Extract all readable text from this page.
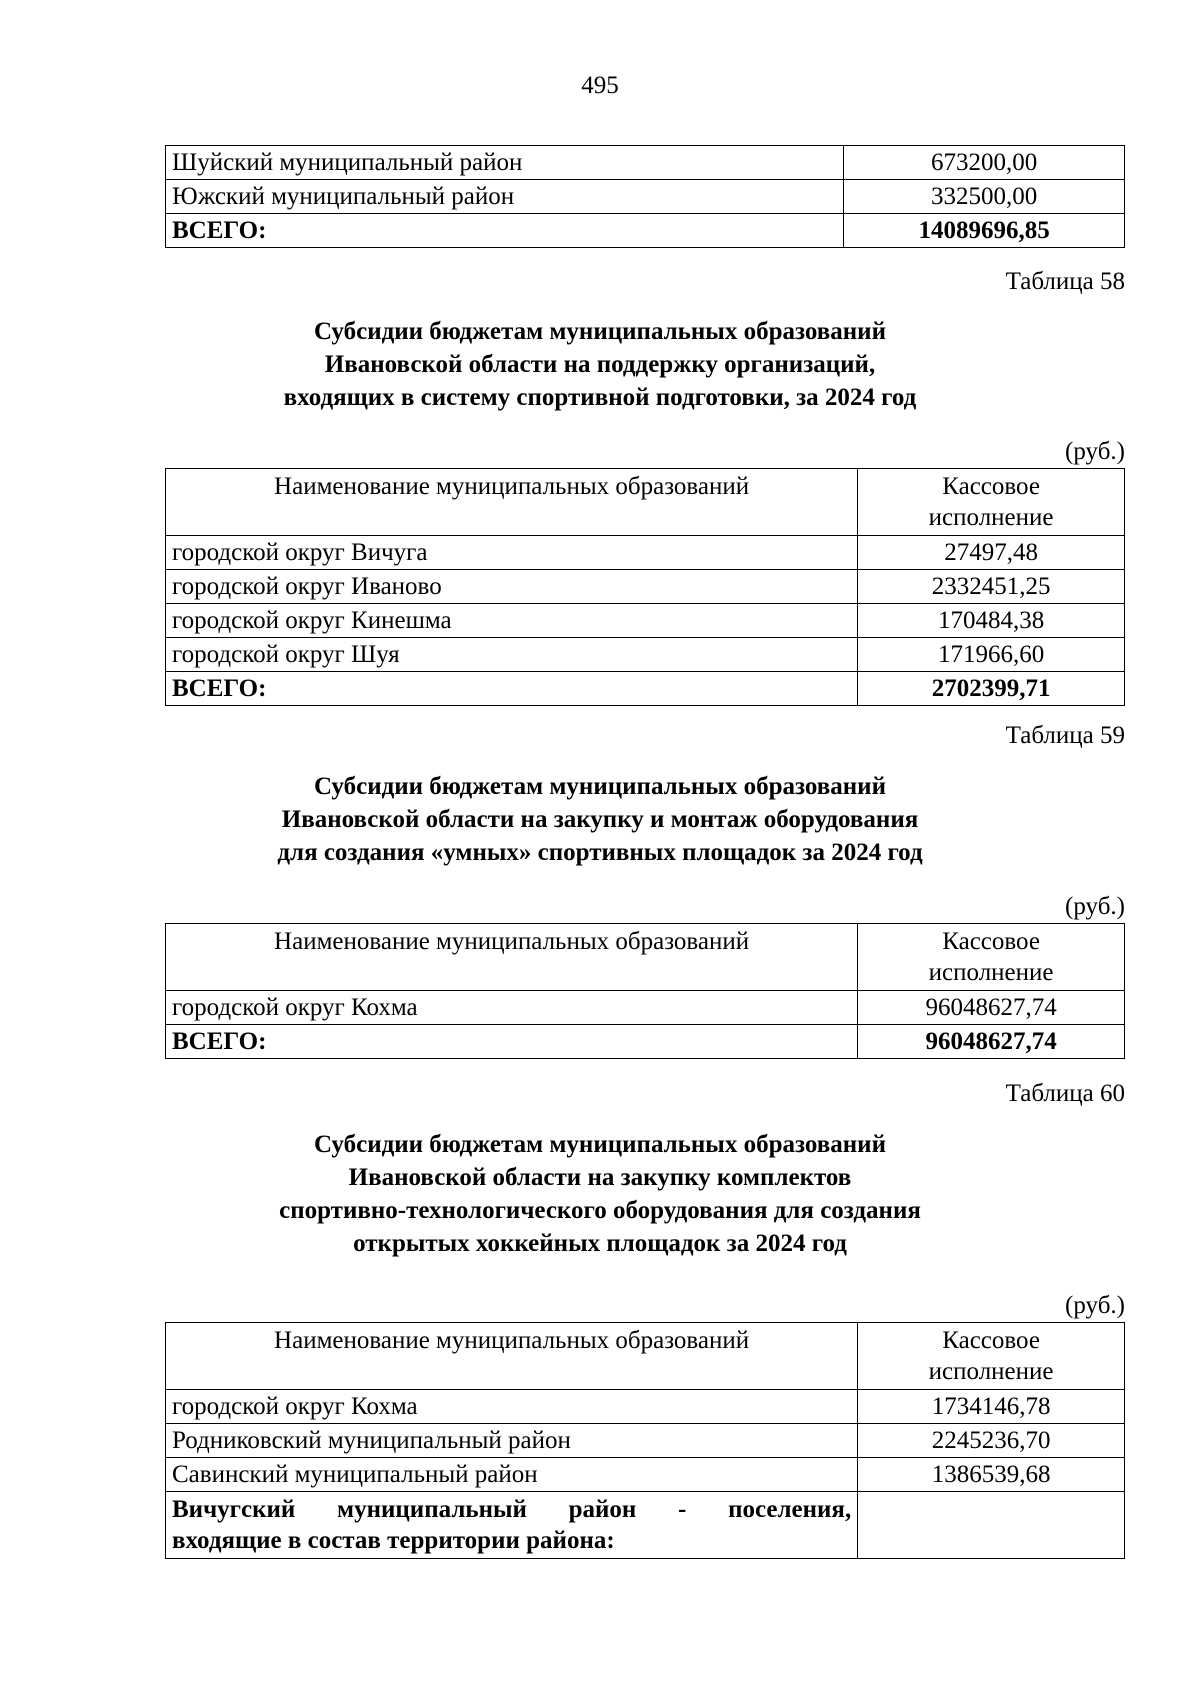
495
Шуйский муниципальный район	673200,00
Южский муниципальный район	332500,00
ВСЕГО:	14089696,85
Таблица 58
Субсидии бюджетам муниципальных образований
Ивановской области на поддержку организаций,
входящих в систему спортивной подготовки, за 2024 год
(руб.)
Наименование муниципальных образований	Кассовое
исполнение

городской округ Вичуга	27497,48
городской округ Иваново	2332451,25
городской округ Кинешма	170484,38
городской округ Шуя	171966,60
ВСЕГО:	2702399,71
Таблица 59
Субсидии бюджетам муниципальных образований
Ивановской области на закупку и монтаж оборудования
для создания «умных» спортивных площадок за 2024 год
(руб.)
Наименование муниципальных образований	Кассовое
исполнение

городской округ Кохма	96048627,74
ВСЕГО:	96048627,74
Таблица 60
Субсидии бюджетам муниципальных образований
Ивановской области на закупку комплектов
спортивно-технологического оборудования для создания
открытых хоккейных площадок за 2024 год
(руб.)
Наименование муниципальных образований	Кассовое
исполнение

городской округ Кохма	1734146,78
Родниковский муниципальный район	2245236,70
Савинский муниципальный район	1386539,68

Вичугский муниципальный район - поселения,
входящие в состав территории района:	
